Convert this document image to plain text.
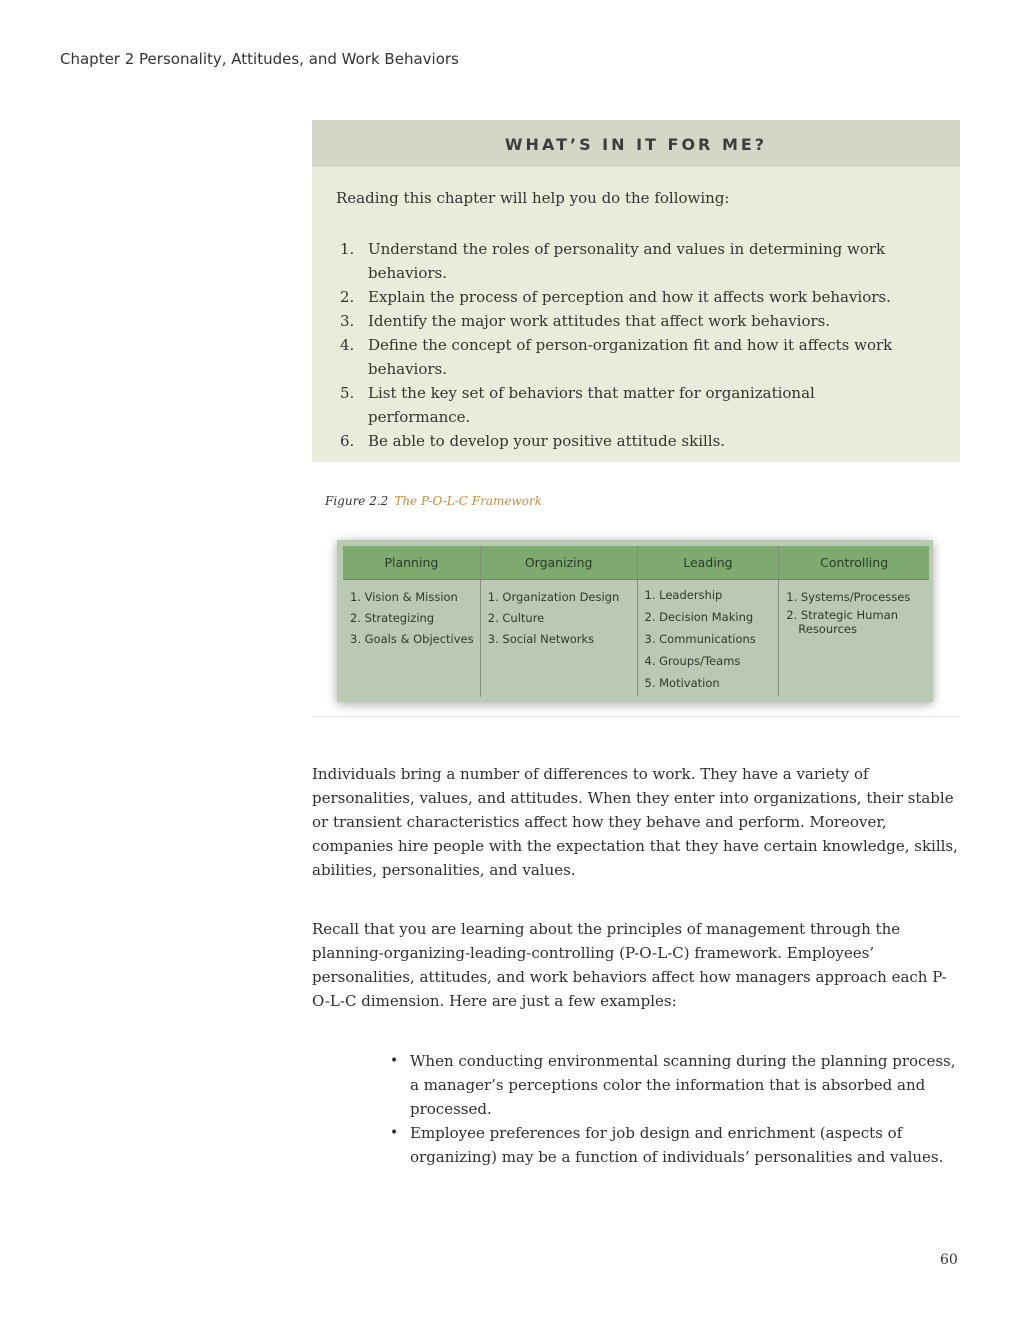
Chapter 2 Personality, Attitudes, and Work Behaviors
WHAT’S IN IT FOR ME?
Reading this chapter will help you do the following:
1. Understand the roles of personality and values in determining work behaviors.
2. Explain the process of perception and how it affects work behaviors.
3. Identify the major work attitudes that affect work behaviors.
4. Define the concept of person-organization fit and how it affects work behaviors.
5. List the key set of behaviors that matter for organizational performance.
6. Be able to develop your positive attitude skills.
Figure 2.2 The P-O-L-C Framework
Planning
1. Vision & Mission
2. Strategizing
3. Goals & Objectives
Organizing
1. Organization Design
2. Culture
3. Social Networks
Leading
1. Leadership
2. Decision Making
3. Communications
4. Groups/Teams
5. Motivation
Controlling
1. Systems/Processes
2. Strategic Human Resources

Individuals bring a number of differences to work. They have a variety of personalities, values, and attitudes. When they enter into organizations, their stable or transient characteristics affect how they behave and perform. Moreover, companies hire people with the expectation that they have certain knowledge, skills, abilities, personalities, and values.

Recall that you are learning about the principles of management through the planning-organizing-leading-controlling (P-O-L-C) framework. Employees’ personalities, attitudes, and work behaviors affect how managers approach each P-O-L-C dimension. Here are just a few examples:

• When conducting environmental scanning during the planning process, a manager’s perceptions color the information that is absorbed and processed.
• Employee preferences for job design and enrichment (aspects of organizing) may be a function of individuals’ personalities and values.
60
